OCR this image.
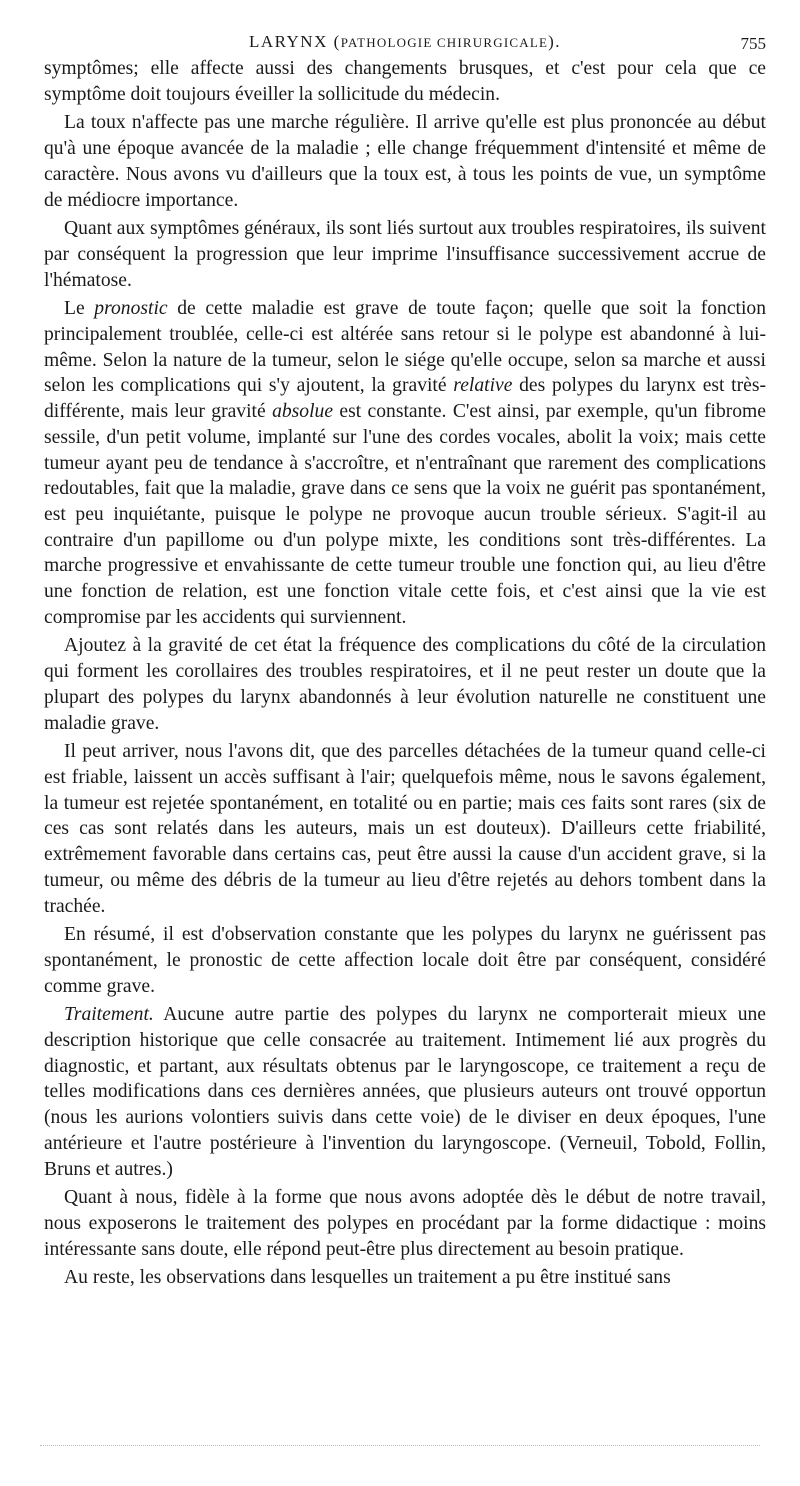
LARYNX (PATHOLOGIE CHIRURGICALE).	755

symptômes; elle affecte aussi des changements brusques, et c'est pour cela que ce symptôme doit toujours éveiller la sollicitude du médecin.

La toux n'affecte pas une marche régulière. Il arrive qu'elle est plus prononcée au début qu'à une époque avancée de la maladie ; elle change fréquemment d'intensité et même de caractère. Nous avons vu d'ailleurs que la toux est, à tous les points de vue, un symptôme de médiocre importance.

Quant aux symptômes généraux, ils sont liés surtout aux troubles respiratoires, ils suivent par conséquent la progression que leur imprime l'insuffisance successivement accrue de l'hématose.

Le pronostic de cette maladie est grave de toute façon; quelle que soit la fonction principalement troublée, celle-ci est altérée sans retour si le polype est abandonné à lui-même. Selon la nature de la tumeur, selon le siége qu'elle occupe, selon sa marche et aussi selon les complications qui s'y ajoutent, la gravité relative des polypes du larynx est très-différente, mais leur gravité absolue est constante. C'est ainsi, par exemple, qu'un fibrome sessile, d'un petit volume, implanté sur l'une des cordes vocales, abolit la voix; mais cette tumeur ayant peu de tendance à s'accroître, et n'entraînant que rarement des complications redoutables, fait que la maladie, grave dans ce sens que la voix ne guérit pas spontanément, est peu inquiétante, puisque le polype ne provoque aucun trouble sérieux. S'agit-il au contraire d'un papillome ou d'un polype mixte, les conditions sont très-différentes. La marche progressive et envahissante de cette tumeur trouble une fonction qui, au lieu d'être une fonction de relation, est une fonction vitale cette fois, et c'est ainsi que la vie est compromise par les accidents qui surviennent.

Ajoutez à la gravité de cet état la fréquence des complications du côté de la circulation qui forment les corollaires des troubles respiratoires, et il ne peut rester un doute que la plupart des polypes du larynx abandonnés à leur évolution naturelle ne constituent une maladie grave.

Il peut arriver, nous l'avons dit, que des parcelles détachées de la tumeur quand celle-ci est friable, laissent un accès suffisant à l'air; quelquefois même, nous le savons également, la tumeur est rejetée spontanément, en totalité ou en partie; mais ces faits sont rares (six de ces cas sont relatés dans les auteurs, mais un est douteux). D'ailleurs cette friabilité, extrêmement favorable dans certains cas, peut être aussi la cause d'un accident grave, si la tumeur, ou même des débris de la tumeur au lieu d'être rejetés au dehors tombent dans la trachée.

En résumé, il est d'observation constante que les polypes du larynx ne guérissent pas spontanément, le pronostic de cette affection locale doit être par conséquent, considéré comme grave.

Traitement. Aucune autre partie des polypes du larynx ne comporterait mieux une description historique que celle consacrée au traitement. Intimement lié aux progrès du diagnostic, et partant, aux résultats obtenus par le laryngoscope, ce traitement a reçu de telles modifications dans ces dernières années, que plusieurs auteurs ont trouvé opportun (nous les aurions volontiers suivis dans cette voie) de le diviser en deux époques, l'une antérieure et l'autre postérieure à l'invention du laryngoscope. (Verneuil, Tobold, Follin, Bruns et autres.)

Quant à nous, fidèle à la forme que nous avons adoptée dès le début de notre travail, nous exposerons le traitement des polypes en procédant par la forme didactique : moins intéressante sans doute, elle répond peut-être plus directement au besoin pratique.

Au reste, les observations dans lesquelles un traitement a pu être institué sans
